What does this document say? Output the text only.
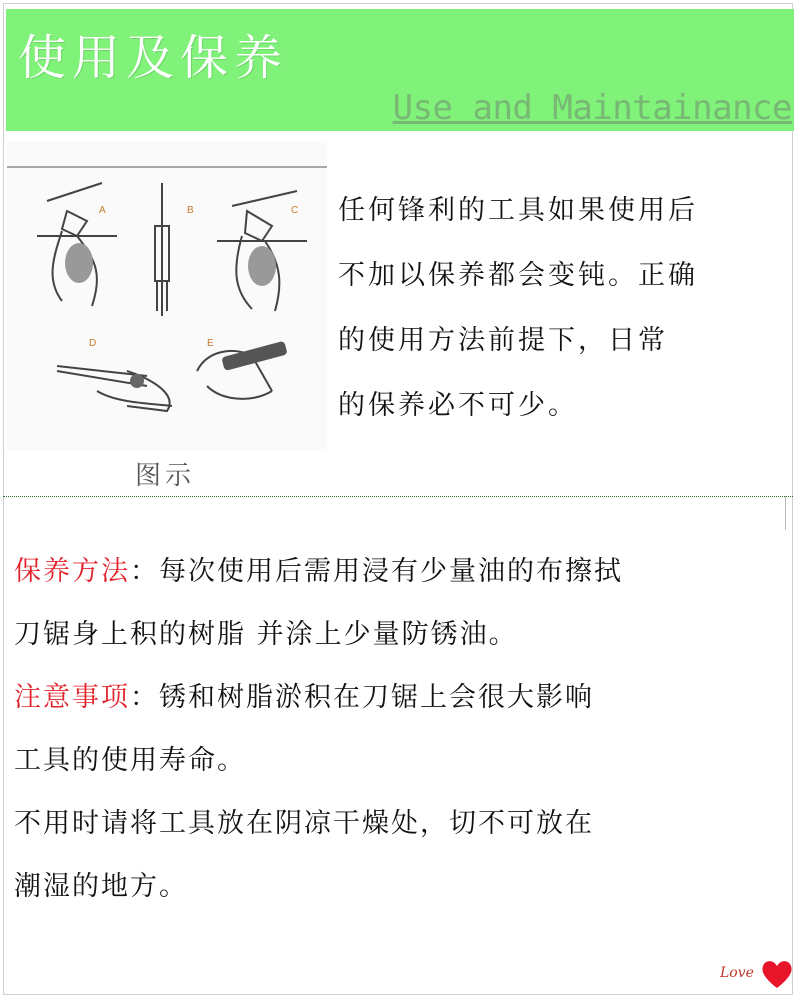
使用及保养
Use and Maintainance
A	B	C
D	E
图示
任何锋利的工具如果使用后
不加以保养都会变钝。正确
的使用方法前提下，日常
的保养必不可少。
保养方法：每次使用后需用浸有少量油的布擦拭
刀锯身上积的树脂 并涂上少量防锈油。
注意事项：锈和树脂淤积在刀锯上会很大影响
工具的使用寿命。
不用时请将工具放在阴凉干燥处，切不可放在
潮湿的地方。
Love
